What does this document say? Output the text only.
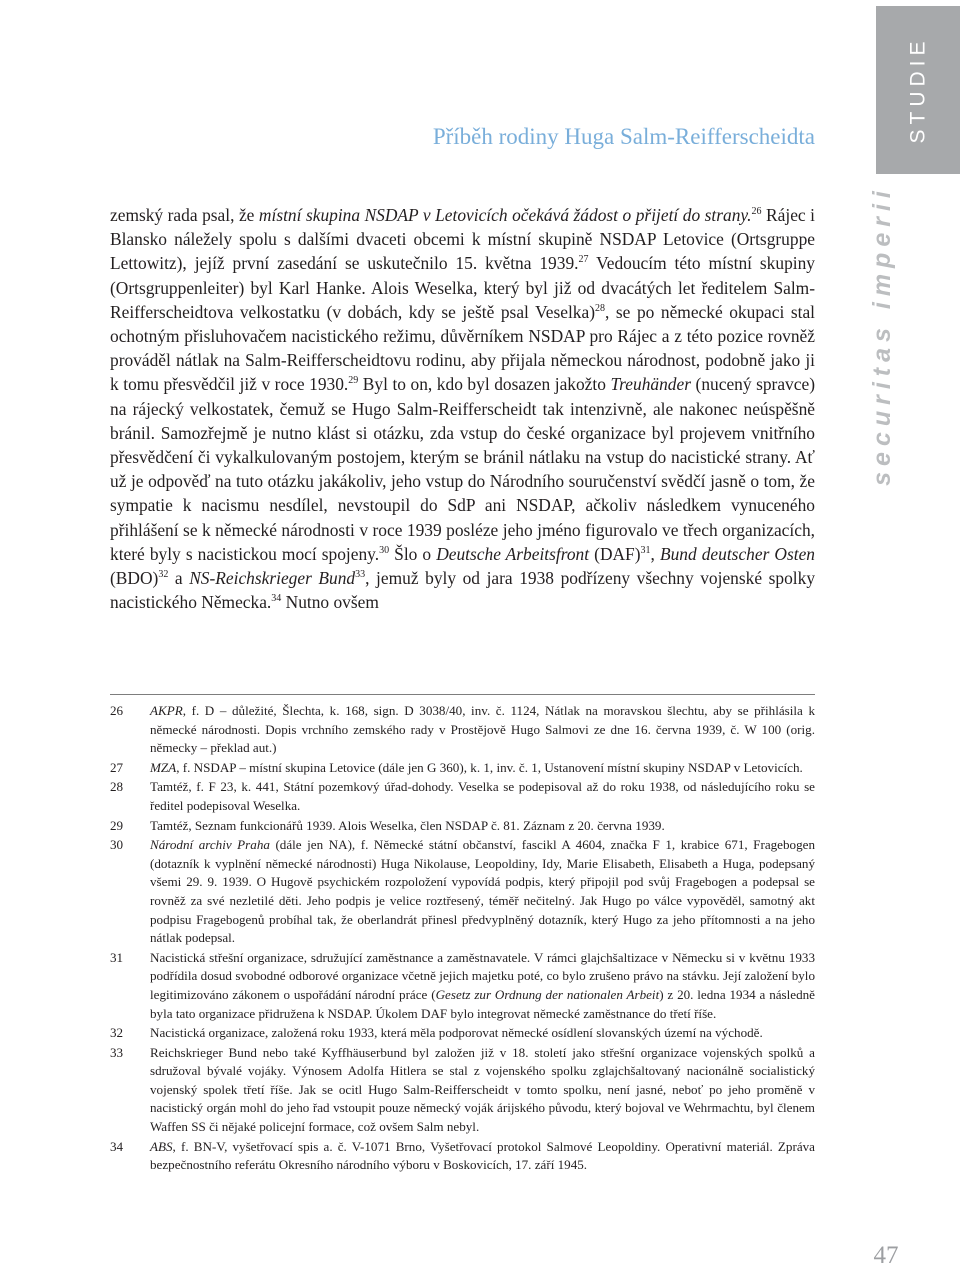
STUDIE
securitas imperii
Příběh rodiny Huga Salm-Reifferscheidta

zemský rada psal, že místní skupina NSDAP v Letovicích očekává žádost o přijetí do strany.$^{26}$ Rájec i Blansko náležely spolu s dalšími dvaceti obcemi k místní skupině NSDAP Letovice (Ortsgruppe Lettowitz), jejíž první zasedání se uskutečnilo 15. května 1939.27 Vedoucím této místní skupiny (Ortsgruppenleiter) byl Karl Hanke. Alois Weselka, který byl již od dvacátých let ředitelem Salm-Reifferscheidtova velkostatku (v dobách, kdy se ještě psal Veselka)$^{28}$, se po německé okupaci stal ochotným přisluhovačem nacistického režimu, důvěrníkem NSDAP pro Rájec a z této pozice rovněž prováděl nátlak na Salm-Reifferscheidtovu rodinu, aby přijala německou národnost, podobně jako ji k tomu přesvědčil již v roce 1930.29 Byl to on, kdo byl dosazen jakožto Treuhänder (nucený spravce) na rájecký velkostatek, čemuž se Hugo Salm-Reifferscheidt tak intenzivně, ale nakonec neúspěšně bránil. Samozřejmě je nutno klást si otázku, zda vstup do české organizace byl projevem vnitřního přesvědčení či vykalkulovaným postojem, kterým se bránil nátlaku na vstup do nacistické strany. Ať už je odpověď na tuto otázku jakákoliv, jeho vstup do Národního souručenství svědčí jasně o tom, že sympatie k nacismu nesdílel, nevstoupil do SdP ani NSDAP, ačkoliv následkem vynuceného přihlášení se k německé národnosti v roce 1939 posléze jeho jméno figurovalo ve třech organizacích, které byly s nacistickou mocí spojeny.$^{30}$ Šlo o Deutsche Arbeitsfront (DAF)$^{31}$, Bund deutscher Osten (BDO)$^{32}$ a NS-Reichskrieger Bund$^{33}$, jemuž byly od jara 1938 podřízeny všechny vojenské spolky nacistického Německa.$^{34}$ Nutno ovšem

26	AKPR, f. D – důležité, Šlechta, k. 168, sign. D 3038/40, inv. č. 1124, Nátlak na moravskou šlechtu, aby se přihlásila k německé národnosti. Dopis vrchního zemského rady v Prostějově Hugo Salmovi ze dne 16. června 1939, č. W 100 (orig. německy – překlad aut.)
27	MZA, f. NSDAP – místní skupina Letovice (dále jen G 360), k. 1, inv. č. 1, Ustanovení místní skupiny NSDAP v Letovicích.
28	Tamtéž, f. F 23, k. 441, Státní pozemkový úřad-dohody. Veselka se podepisoval až do roku 1938, od následujícího roku se ředitel podepisoval Weselka.
29	Tamtéž, Seznam funkcionářů 1939. Alois Weselka, člen NSDAP č. 81. Záznam z 20. června 1939.
30	Národní archiv Praha (dále jen NA), f. Německé státní občanství, fascikl A 4604, značka F 1, krabice 671, Fragebogen (dotazník k vyplnění německé národnosti) Huga Nikolause, Leopoldiny, Idy, Marie Elisabeth, Elisabeth a Huga, podepsaný všemi 29. 9. 1939. O Hugově psychickém rozpoložení vypovídá podpis, který připojil pod svůj Fragebogen a podepsal se rovněž za své nezletilé děti. Jeho podpis je velice roztřesený, téměř nečitelný. Jak Hugo po válce vypověděl, samotný akt podpisu Fragebogenů probíhal tak, že oberlandrát přinesl předvyplněný dotazník, který Hugo za jeho přítomnosti a na jeho nátlak podepsal.
31	Nacistická střešní organizace, sdružující zaměstnance a zaměstnavatele. V rámci glajchšaltizace v Německu si v květnu 1933 podřídila dosud svobodné odborové organizace včetně jejich majetku poté, co bylo zrušeno právo na stávku. Její založení bylo legitimizováno zákonem o uspořádání národní práce (Gesetz zur Ordnung der nationalen Arbeit) z 20. ledna 1934 a následně byla tato organizace přidružena k NSDAP. Úkolem DAF bylo integrovat německé zaměstnance do třetí říše.
32	Nacistická organizace, založená roku 1933, která měla podporovat německé osídlení slovanských území na východě.
33	Reichskrieger Bund nebo také Kyffhäuserbund byl založen již v 18. století jako střešní organizace vojenských spolků a sdružoval bývalé vojáky. Výnosem Adolfa Hitlera se stal z vojenského spolku zglajchšaltovaný nacionálně socialistický vojenský spolek třetí říše. Jak se ocitl Hugo Salm-Reifferscheidt v tomto spolku, není jasné, neboť po jeho proměně v nacistický orgán mohl do jeho řad vstoupit pouze německý voják árijského původu, který bojoval ve Wehrmachtu, byl členem Waffen SS či nějaké policejní formace, což ovšem Salm nebyl.
34	ABS, f. BN-V, vyšetřovací spis a. č. V-1071 Brno, Vyšetřovací protokol Salmové Leopoldiny. Operativní materiál. Zpráva bezpečnostního referátu Okresního národního výboru v Boskovicích, 17. září 1945.
47
